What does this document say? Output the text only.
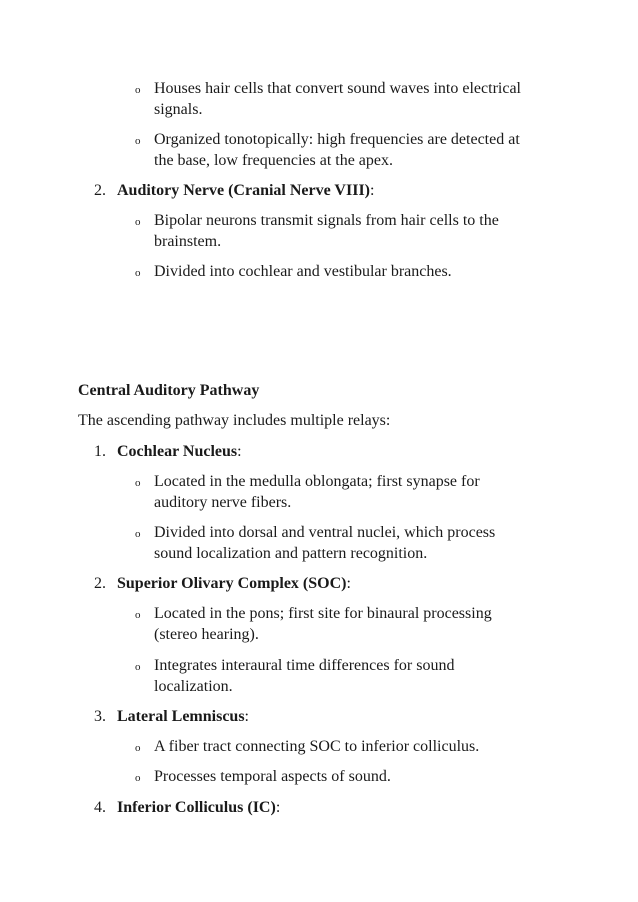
o Houses hair cells that convert sound waves into electrical
signals.
o Organized tonotopically: high frequencies are detected at
the base, low frequencies at the apex.
2. Auditory Nerve (Cranial Nerve VIII):
o Bipolar neurons transmit signals from hair cells to the
brainstem.
o Divided into cochlear and vestibular branches.
Central Auditory Pathway
The ascending pathway includes multiple relays:
1. Cochlear Nucleus:
o Located in the medulla oblongata; first synapse for
auditory nerve fibers.
o Divided into dorsal and ventral nuclei, which process
sound localization and pattern recognition.
2. Superior Olivary Complex (SOC):
o Located in the pons; first site for binaural processing
(stereo hearing).
o Integrates interaural time differences for sound
localization.
3. Lateral Lemniscus:
o A fiber tract connecting SOC to inferior colliculus.
o Processes temporal aspects of sound.
4. Inferior Colliculus (IC):
